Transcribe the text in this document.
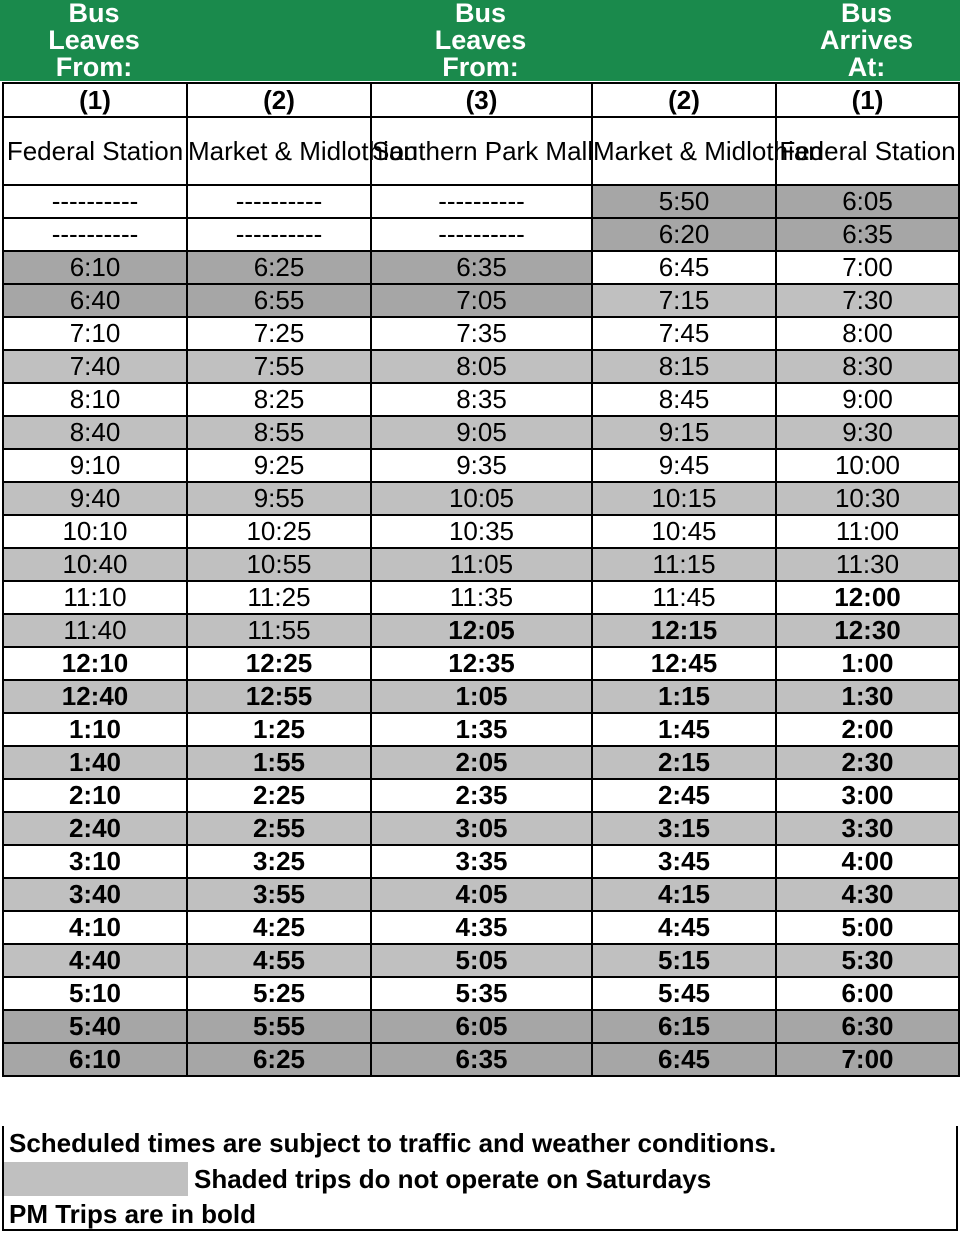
Bus
Leaves
From:
Bus
Leaves
From:
Bus
Arrives
At:
(1)	(2)	(3)	(2)	(1)
Federal Station	Market & Midlothian	Southern Park Mall	Market & Midlothian	Federal Station
----------	----------	----------	5:50	6:05
----------	----------	----------	6:20	6:35
6:10	6:25	6:35	6:45	7:00
6:40	6:55	7:05	7:15	7:30
7:10	7:25	7:35	7:45	8:00
7:40	7:55	8:05	8:15	8:30
8:10	8:25	8:35	8:45	9:00
8:40	8:55	9:05	9:15	9:30
9:10	9:25	9:35	9:45	10:00
9:40	9:55	10:05	10:15	10:30
10:10	10:25	10:35	10:45	11:00
10:40	10:55	11:05	11:15	11:30
11:10	11:25	11:35	11:45	12:00
11:40	11:55	12:05	12:15	12:30
12:10	12:25	12:35	12:45	1:00
12:40	12:55	1:05	1:15	1:30
1:10	1:25	1:35	1:45	2:00
1:40	1:55	2:05	2:15	2:30
2:10	2:25	2:35	2:45	3:00
2:40	2:55	3:05	3:15	3:30
3:10	3:25	3:35	3:45	4:00
3:40	3:55	4:05	4:15	4:30
4:10	4:25	4:35	4:45	5:00
4:40	4:55	5:05	5:15	5:30
5:10	5:25	5:35	5:45	6:00
5:40	5:55	6:05	6:15	6:30
6:10	6:25	6:35	6:45	7:00
Scheduled times are subject to traffic and weather conditions.
Shaded trips do not operate on Saturdays
PM Trips are in bold
